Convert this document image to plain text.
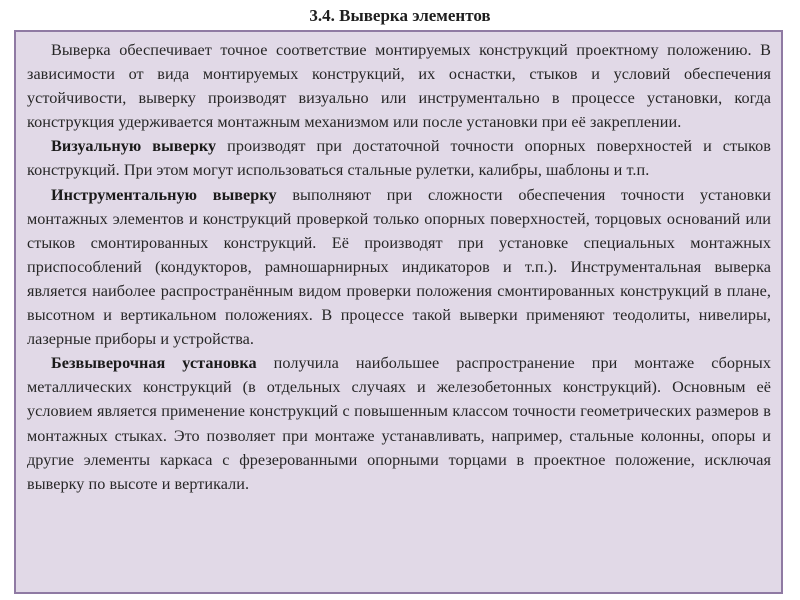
3.4. Выверка элементов

Выверка обеспечивает точное соответствие монтируемых конструкций проектному положению. В зависимости от вида монтируемых конструкций, их оснастки, стыков и условий обеспечения устойчивости, выверку производят визуально или инструментально в процессе установки, когда конструкция удерживается монтажным механизмом или после установки при её закреплении.

Визуальную выверку производят при достаточной точности опорных поверхностей и стыков конструкций. При этом могут использоваться стальные рулетки, калибры, шаблоны и т.п.

Инструментальную выверку выполняют при сложности обеспечения точности установки монтажных элементов и конструкций проверкой только опорных поверхностей, торцовых оснований или стыков смонтированных конструкций. Её производят при установке специальных монтажных приспособлений (кондукторов, рамношарнирных индикаторов и т.п.). Инструментальная выверка является наиболее распространённым видом проверки положения смонтированных конструкций в плане, высотном и вертикальном положениях. В процессе такой выверки применяют теодолиты, нивелиры, лазерные приборы и устройства.

Безвыверочная установка получила наибольшее распространение при монтаже сборных металлических конструкций (в отдельных случаях и железобетонных конструкций). Основным её условием является применение конструкций с повышенным классом точности геометрических размеров в монтажных стыках. Это позволяет при монтаже устанавливать, например, стальные колонны, опоры и другие элементы каркаса с фрезерованными опорными торцами в проектное положение, исключая выверку по высоте и вертикали.
